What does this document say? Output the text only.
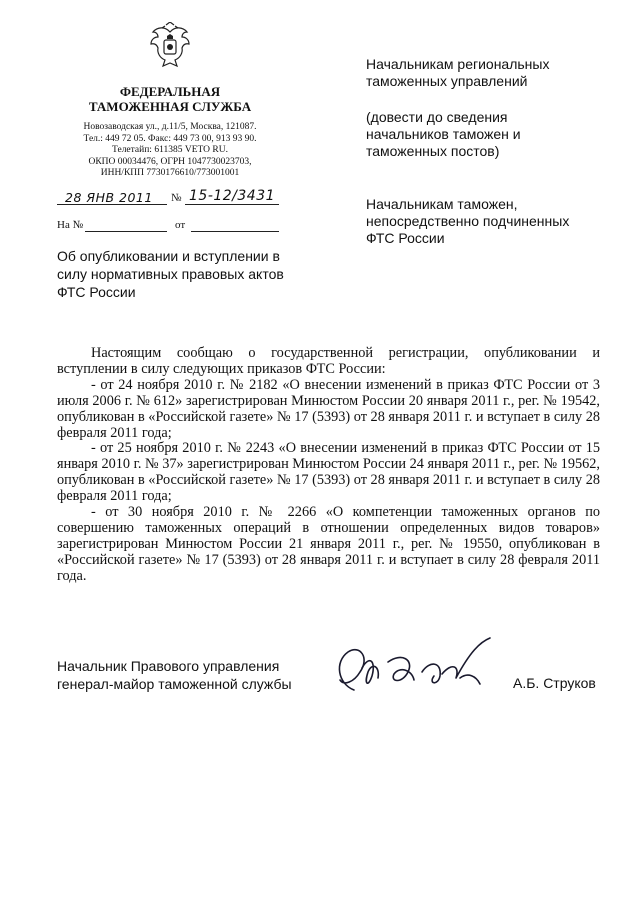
ФЕДЕРАЛЬНАЯ
ТАМОЖЕННАЯ СЛУЖБА
Новозаводская ул., д.11/5, Москва, 121087.
Тел.: 449 72 05. Факс: 449 73 00, 913 93 90.
Телетайп: 611385 VETO RU.
ОКПО 00034476, ОГРН 1047730023703,
ИНН/КПП 7730176610/773001001
28 ЯНВ 2011 № 15-12/3431
На №	от
Начальникам региональных
таможенных управлений
(довести до сведения
начальников таможен и
таможенных постов)
Начальникам таможен,
непосредственно подчиненных
ФТС России
Об опубликовании и вступлении в
силу нормативных правовых актов
ФТС России

Настоящим сообщаю о государственной регистрации, опубликовании и вступлении в силу следующих приказов ФТС России:

- от 24 ноября 2010 г. № 2182 «О внесении изменений в приказ ФТС России от 3 июля 2006 г. № 612» зарегистрирован Минюстом России 20 января 2011 г., рег. № 19542, опубликован в «Российской газете» № 17 (5393) от 28 января 2011 г. и вступает в силу 28 февраля 2011 года;

- от 25 ноября 2010 г. № 2243 «О внесении изменений в приказ ФТС России от 15 января 2010 г. № 37» зарегистрирован Минюстом России 24 января 2011 г., рег. № 19562, опубликован в «Российской газете» № 17 (5393) от 28 января 2011 г. и вступает в силу 28 февраля 2011 года;

- от 30 ноября 2010 г. № 2266 «О компетенции таможенных органов по совершению таможенных операций в отношении определенных видов товаров» зарегистрирован Минюстом России 21 января 2011 г., рег. № 19550, опубликован в «Российской газете» № 17 (5393) от 28 января 2011 г. и вступает в силу 28 февраля 2011 года.

Начальник Правового управления
генерал-майор таможенной службы	А.Б. Струков
